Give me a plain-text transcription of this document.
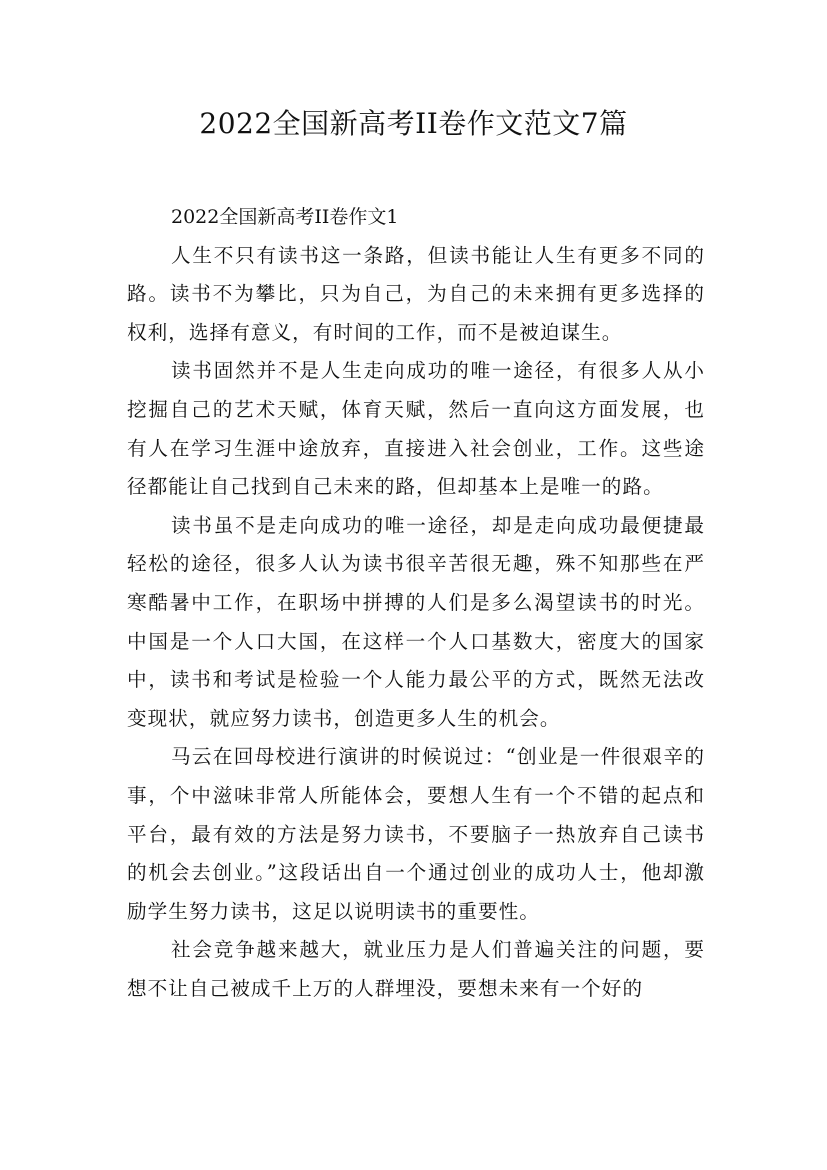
2022全国新高考II卷作文范文7篇

2022全国新高考II卷作文1

人生不只有读书这一条路，但读书能让人生有更多不同的路。读书不为攀比，只为自己，为自己的未来拥有更多选择的权利，选择有意义，有时间的工作，而不是被迫谋生。

读书固然并不是人生走向成功的唯一途径，有很多人从小挖掘自己的艺术天赋，体育天赋，然后一直向这方面发展，也有人在学习生涯中途放弃，直接进入社会创业，工作。这些途径都能让自己找到自己未来的路，但却基本上是唯一的路。

读书虽不是走向成功的唯一途径，却是走向成功最便捷最轻松的途径，很多人认为读书很辛苦很无趣，殊不知那些在严寒酷暑中工作，在职场中拼搏的人们是多么渴望读书的时光。中国是一个人口大国，在这样一个人口基数大，密度大的国家中，读书和考试是检验一个人能力最公平的方式，既然无法改变现状，就应努力读书，创造更多人生的机会。

马云在回母校进行演讲的时候说过：“创业是一件很艰辛的事，个中滋味非常人所能体会，要想人生有一个不错的起点和平台，最有效的方法是努力读书，不要脑子一热放弃自己读书的机会去创业。”这段话出自一个通过创业的成功人士，他却激励学生努力读书，这足以说明读书的重要性。

社会竞争越来越大，就业压力是人们普遍关注的问题，要想不让自己被成千上万的人群埋没，要想未来有一个好的
